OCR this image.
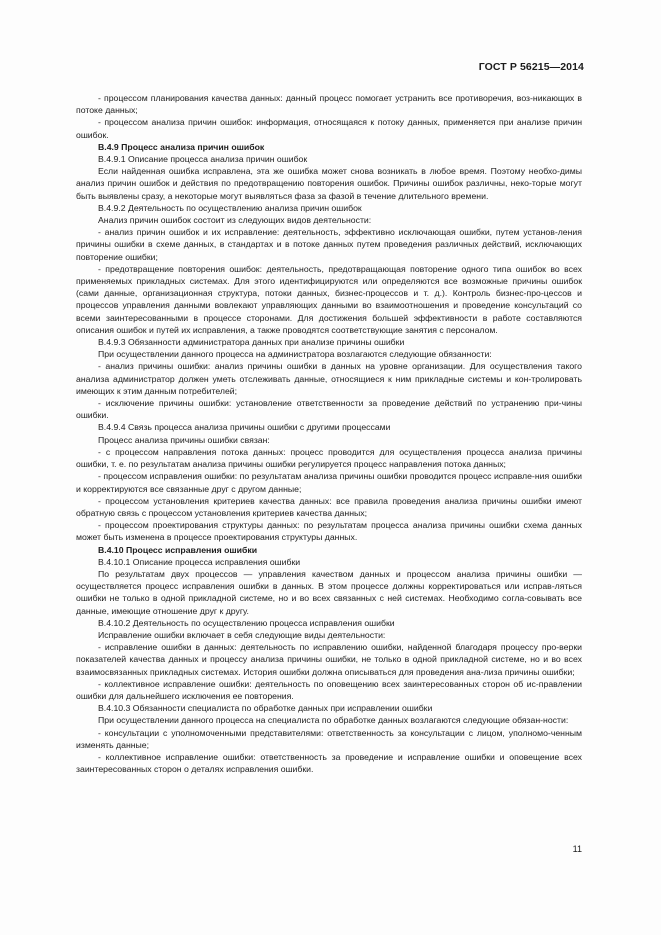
ГОСТ Р 56215—2014

- процессом планирования качества данных: данный процесс помогает устранить все противоречия, воз-никающих в потоке данных;

- процессом анализа причин ошибок: информация, относящаяся к потоку данных, применяется при анализе причин ошибок.

В.4.9 Процесс анализа причин ошибок

В.4.9.1 Описание процесса анализа причин ошибок

Если найденная ошибка исправлена, эта же ошибка может снова возникать в любое время. Поэтому необхо-димы анализ причин ошибок и действия по предотвращению повторения ошибок. Причины ошибок различны, неко-торые могут быть выявлены сразу, а некоторые могут выявляться фаза за фазой в течение длительного времени.

В.4.9.2 Деятельность по осуществлению анализа причин ошибок

Анализ причин ошибок состоит из следующих видов деятельности:

- анализ причин ошибок и их исправление: деятельность, эффективно исключающая ошибки, путем установ-ления причины ошибки в схеме данных, в стандартах и в потоке данных путем проведения различных действий, исключающих повторение ошибки;

- предотвращение повторения ошибок: деятельность, предотвращающая повторение одного типа ошибок во всех применяемых прикладных системах. Для этого идентифицируются или определяются все возможные причины ошибок (сами данные, организационная структура, потоки данных, бизнес-процессов и т. д.). Контроль бизнес-про-цессов и процессов управления данными вовлекают управляющих данными во взаимоотношения и проведение консультаций со всеми заинтересованными в процессе сторонами. Для достижения большей эффективности в работе составляются описания ошибок и путей их исправления, а также проводятся соответствующие занятия с персоналом.

В.4.9.3 Обязанности администратора данных при анализе причины ошибки

При осуществлении данного процесса на администратора возлагаются следующие обязанности:

- анализ причины ошибки: анализ причины ошибки в данных на уровне организации. Для осуществления такого анализа администратор должен уметь отслеживать данные, относящиеся к ним прикладные системы и кон-тролировать имеющих к этим данным потребителей;

- исключение причины ошибки: установление ответственности за проведение действий по устранению при-чины ошибки.

В.4.9.4 Связь процесса анализа причины ошибки с другими процессами

Процесс анализа причины ошибки связан:

- с процессом направления потока данных: процесс проводится для осуществления процесса анализа причины ошибки, т. е. по результатам анализа причины ошибки регулируется процесс направления потока данных;

- процессом исправления ошибки: по результатам анализа причины ошибки проводится процесс исправле-ния ошибки и корректируются все связанные друг с другом данные;

- процессом установления критериев качества данных: все правила проведения анализа причины ошибки имеют обратную связь с процессом установления критериев качества данных;

- процессом проектирования структуры данных: по результатам процесса анализа причины ошибки схема данных может быть изменена в процессе проектирования структуры данных.

В.4.10 Процесс исправления ошибки

В.4.10.1 Описание процесса исправления ошибки

По результатам двух процессов — управления качеством данных и процессом анализа причины ошибки — осуществляется процесс исправления ошибки в данных. В этом процессе должны корректироваться или исправ-ляться ошибки не только в одной прикладной системе, но и во всех связанных с ней системах. Необходимо согла-совывать все данные, имеющие отношение друг к другу.

В.4.10.2 Деятельность по осуществлению процесса исправления ошибки

Исправление ошибки включает в себя следующие виды деятельности:

- исправление ошибки в данных: деятельность по исправлению ошибки, найденной благодаря процессу про-верки показателей качества данных и процессу анализа причины ошибки, не только в одной прикладной системе, но и во всех взаимосвязанных прикладных системах. История ошибки должна описываться для проведения ана-лиза причины ошибки;

- коллективное исправление ошибки: деятельность по оповещению всех заинтересованных сторон об ис-правлении ошибки для дальнейшего исключения ее повторения.

В.4.10.3 Обязанности специалиста по обработке данных при исправлении ошибки

При осуществлении данного процесса на специалиста по обработке данных возлагаются следующие обязан-ности:

- консультации с уполномоченными представителями: ответственность за консультации с лицом, уполномо-ченным изменять данные;

- коллективное исправление ошибки: ответственность за проведение и исправление ошибки и оповещение всех заинтересованных сторон о деталях исправления ошибки.

11
